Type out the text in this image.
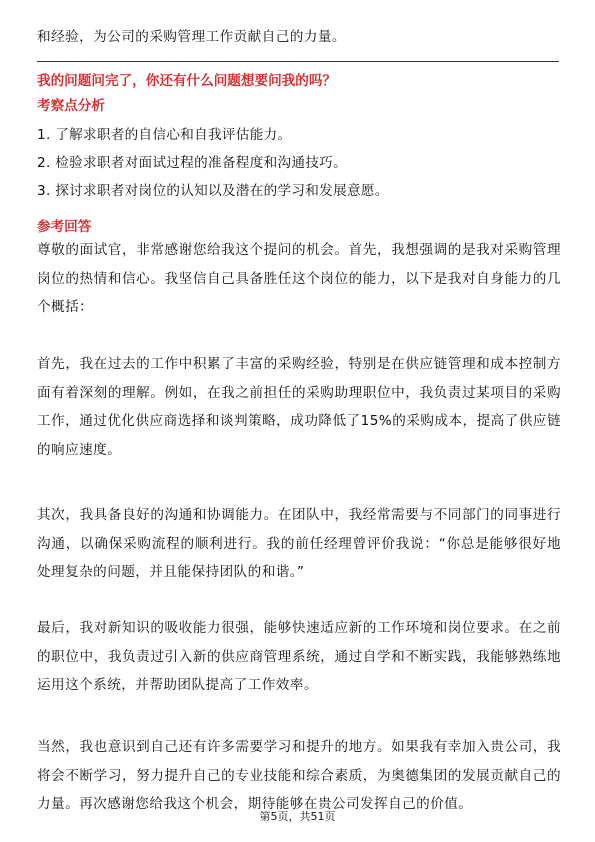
和经验，为公司的采购管理工作贡献自己的力量。

我的问题问完了，你还有什么问题想要问我的吗？

考察点分析

1. 了解求职者的自信心和自我评估能力。
2. 检验求职者对面试过程的准备程度和沟通技巧。
3. 探讨求职者对岗位的认知以及潜在的学习和发展意愿。

参考回答

尊敬的面试官，非常感谢您给我这个提问的机会。首先，我想强调的是我对采购管理岗位的热情和信心。我坚信自己具备胜任这个岗位的能力，以下是我对自身能力的几个概括：

首先，我在过去的工作中积累了丰富的采购经验，特别是在供应链管理和成本控制方面有着深刻的理解。例如，在我之前担任的采购助理职位中，我负责过某项目的采购工作，通过优化供应商选择和谈判策略，成功降低了15%的采购成本，提高了供应链的响应速度。

其次，我具备良好的沟通和协调能力。在团队中，我经常需要与不同部门的同事进行沟通，以确保采购流程的顺利进行。我的前任经理曾评价我说：“你总是能够很好地处理复杂的问题，并且能保持团队的和谐。”

最后，我对新知识的吸收能力很强，能够快速适应新的工作环境和岗位要求。在之前的职位中，我负责过引入新的供应商管理系统，通过自学和不断实践，我能够熟练地运用这个系统，并帮助团队提高了工作效率。

当然，我也意识到自己还有许多需要学习和提升的地方。如果我有幸加入贵公司，我将会不断学习，努力提升自己的专业技能和综合素质，为奥德集团的发展贡献自己的力量。再次感谢您给我这个机会，期待能够在贵公司发挥自己的价值。

第5页，共51页
